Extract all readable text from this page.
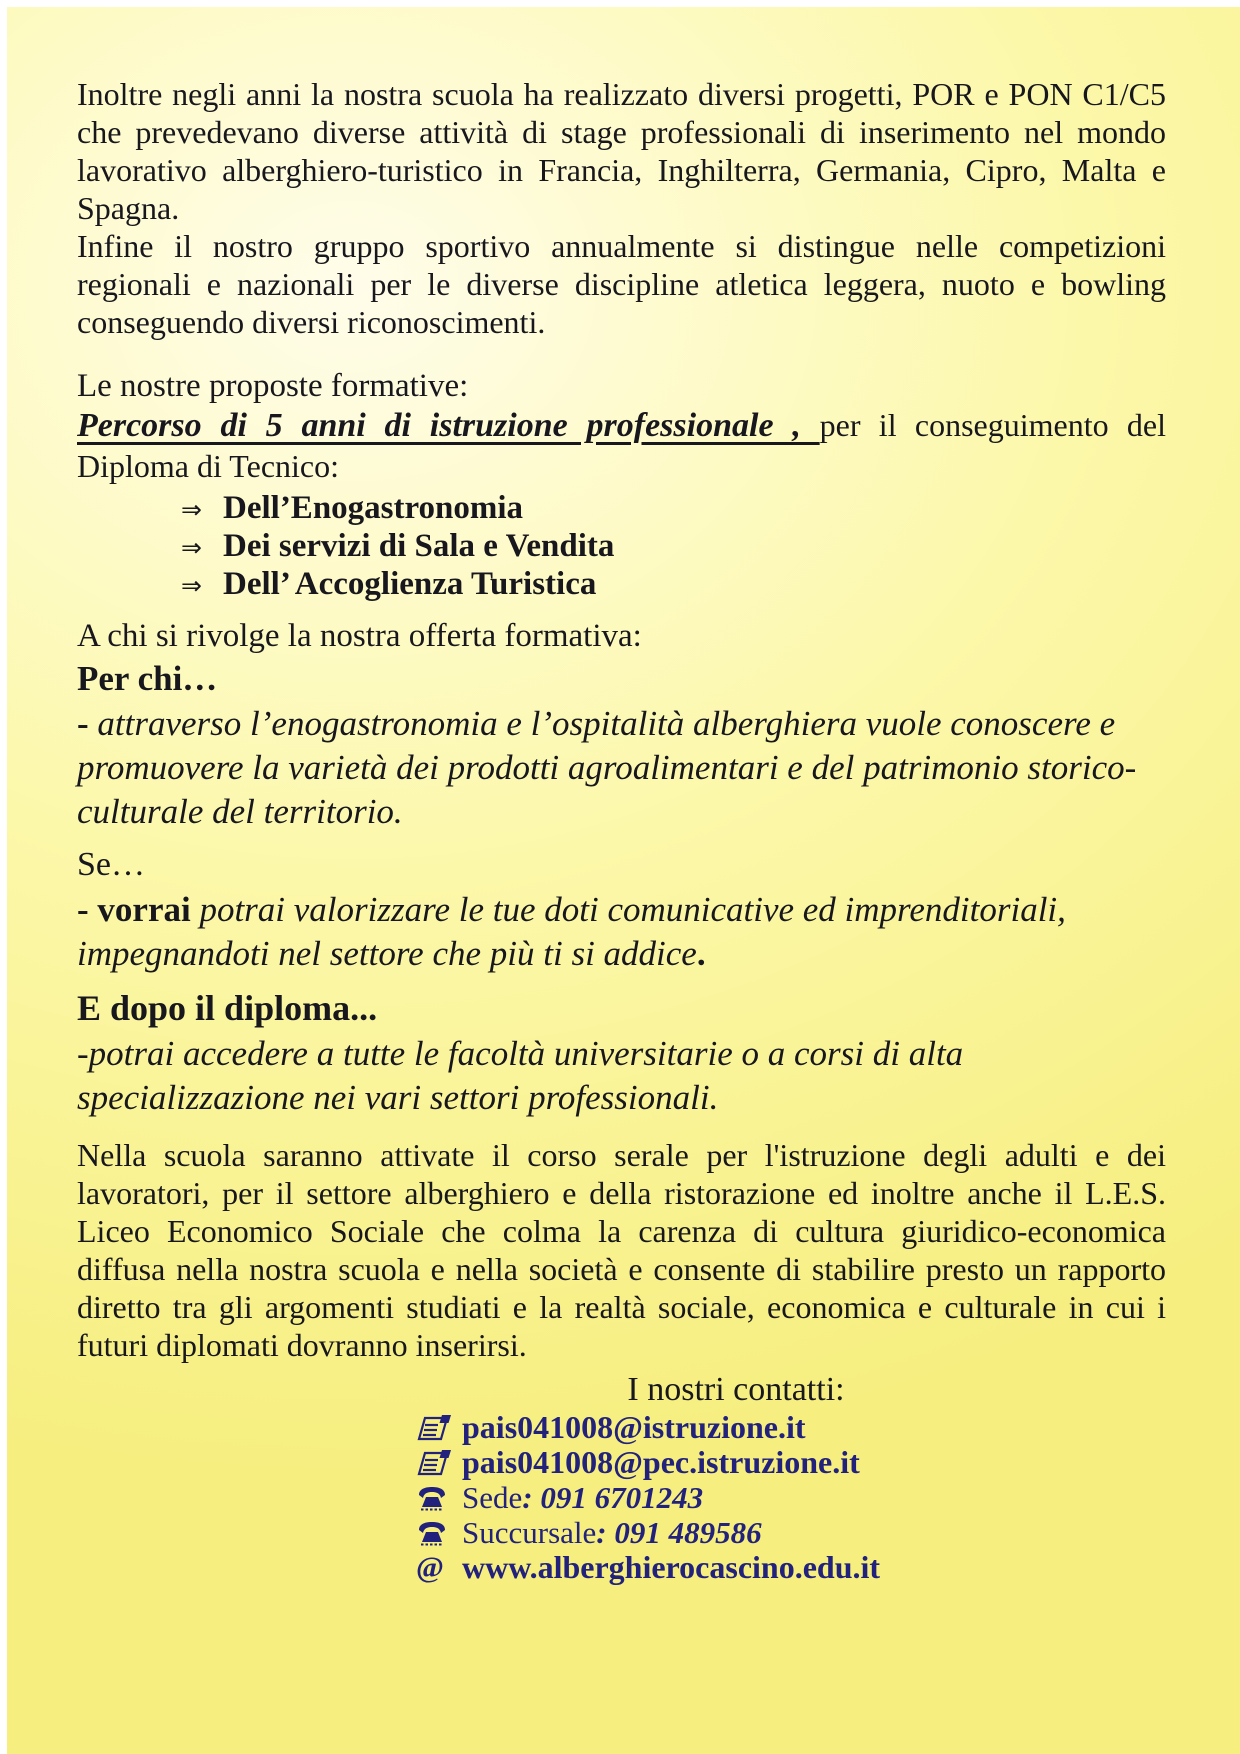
Inoltre negli anni la nostra scuola ha realizzato diversi progetti, POR e PON C1/C5 che prevedevano diverse attività di stage professionali di inserimento nel mondo lavorativo alberghiero-turistico in Francia, Inghilterra, Germania, Cipro, Malta e Spagna.

Infine il nostro gruppo sportivo annualmente si distingue nelle competizioni regionali e nazionali per le diverse discipline atletica leggera, nuoto e bowling conseguendo diversi riconoscimenti.

Le nostre proposte formative:

Percorso di 5 anni di istruzione professionale , per il conseguimento del Diploma di Tecnico:

⇒ Dell’Enogastronomia
⇒ Dei servizi di Sala e Vendita
⇒ Dell’ Accoglienza Turistica

A chi si rivolge la nostra offerta formativa:

Per chi…

- attraverso l’enogastronomia e l’ospitalità alberghiera vuole conoscere e promuovere la varietà dei prodotti agroalimentari e del patrimonio storico-culturale del territorio.

Se…

- vorrai potrai valorizzare le tue doti comunicative ed imprenditoriali, impegnandoti nel settore che più ti si addice.

E dopo il diploma...

-potrai accedere a tutte le facoltà universitarie o a corsi di alta specializzazione nei vari settori professionali.

Nella scuola saranno attivate il corso serale per l'istruzione degli adulti e dei lavoratori, per il settore alberghiero e della ristorazione ed inoltre anche il L.E.S. Liceo Economico Sociale che colma la carenza di cultura giuridico-economica diffusa nella nostra scuola e nella società e consente di stabilire presto un rapporto diretto tra gli argomenti studiati e la realtà sociale, economica e culturale in cui i futuri diplomati dovranno inserirsi.

I nostri contatti:

pais041008@istruzione.it
pais041008@pec.istruzione.it
Sede : 091 6701243
Succursale : 091 489586
@ www.alberghierocascino.edu.it
